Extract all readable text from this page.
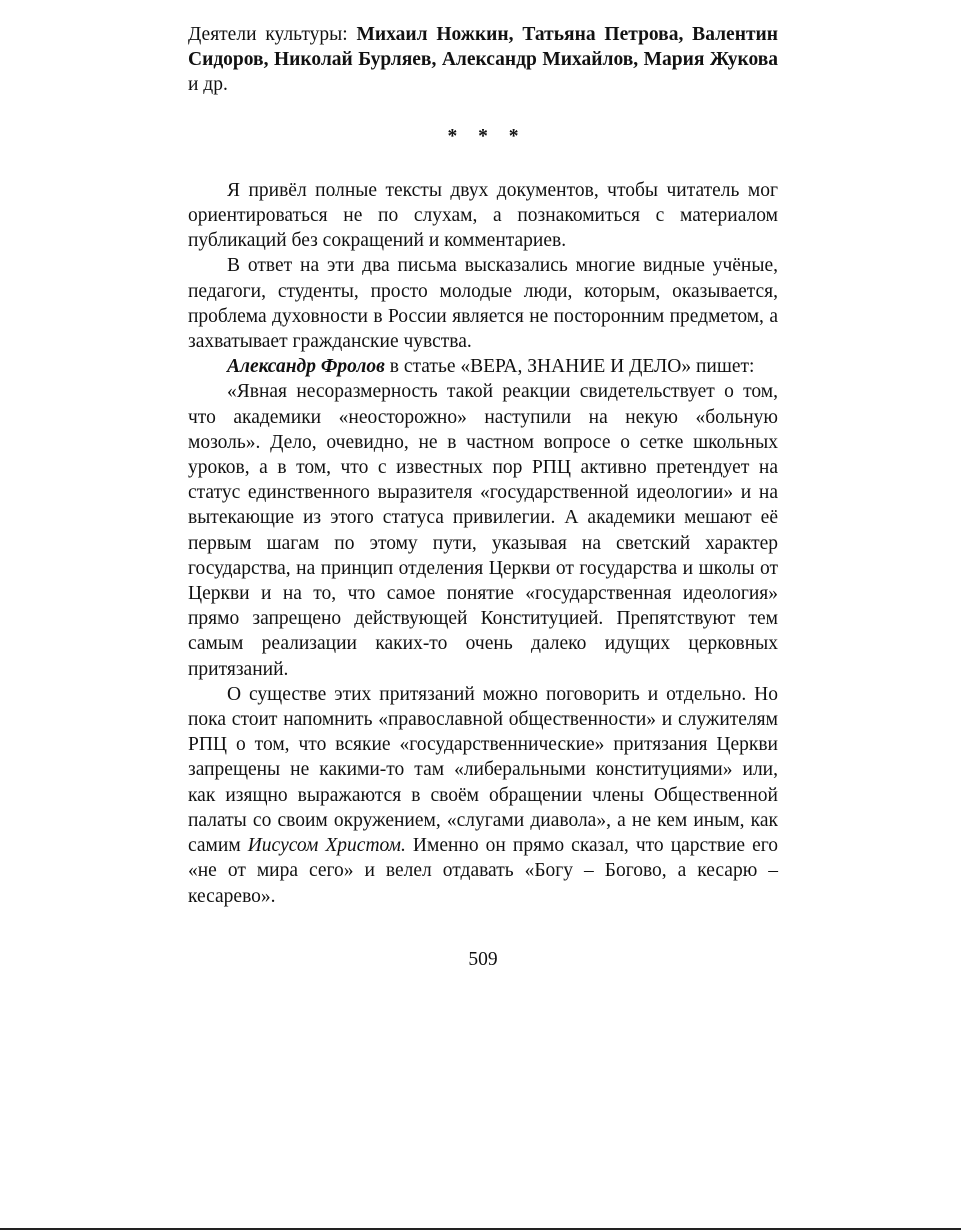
Деятели культуры: Михаил Ножкин, Татьяна Петрова, Валентин Сидоров, Николай Бурляев, Александр Михайлов, Мария Жукова и др.

* * *

Я привёл полные тексты двух документов, чтобы читатель мог ориентироваться не по слухам, а познакомиться с материалом публикаций без сокращений и комментариев.

В ответ на эти два письма высказались многие видные учёные, педагоги, студенты, просто молодые люди, которым, оказывается, проблема духовности в России является не посторонним предметом, а захватывает гражданские чувства.

Александр Фролов в статье «ВЕРА, ЗНАНИЕ И ДЕЛО» пишет:

«Явная несоразмерность такой реакции свидетельствует о том, что академики «неосторожно» наступили на некую «больную мозоль». Дело, очевидно, не в частном вопросе о сетке школьных уроков, а в том, что с известных пор РПЦ активно претендует на статус единственного выразителя «государственной идеологии» и на вытекающие из этого статуса привилегии. А академики мешают её первым шагам по этому пути, указывая на светский характер государства, на принцип отделения Церкви от государства и школы от Церкви и на то, что самое понятие «государственная идеология» прямо запрещено действующей Конституцией. Препятствуют тем самым реализации каких-то очень далеко идущих церковных притязаний.

О существе этих притязаний можно поговорить и отдельно. Но пока стоит напомнить «православной общественности» и служителям РПЦ о том, что всякие «государственнические» притязания Церкви запрещены не какими-то там «либеральными конституциями» или, как изящно выражаются в своём обращении члены Общественной палаты со своим окружением, «слугами диавола», а не кем иным, как самим Иисусом Христом. Именно он прямо сказал, что царствие его «не от мира сего» и велел отдавать «Богу – Богово, а кесарю – кесарево».

509
